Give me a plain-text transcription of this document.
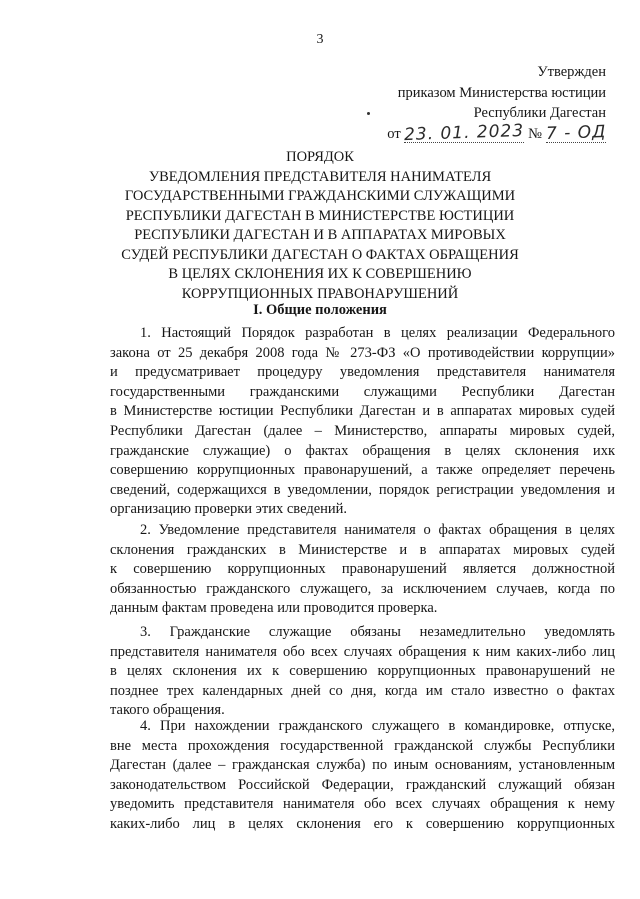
3
Утвержден
приказом Министерства юстиции
Республики Дагестан
от 23. 01. 2023 № 7 - ОД
ПОРЯДОК
УВЕДОМЛЕНИЯ ПРЕДСТАВИТЕЛЯ НАНИМАТЕЛЯ
ГОСУДАРСТВЕННЫМИ ГРАЖДАНСКИМИ СЛУЖАЩИМИ
РЕСПУБЛИКИ ДАГЕСТАН В МИНИСТЕРСТВЕ ЮСТИЦИИ
РЕСПУБЛИКИ ДАГЕСТАН И В АППАРАТАХ МИРОВЫХ
СУДЕЙ РЕСПУБЛИКИ ДАГЕСТАН О ФАКТАХ ОБРАЩЕНИЯ
В ЦЕЛЯХ СКЛОНЕНИЯ ИХ К СОВЕРШЕНИЮ
КОРРУПЦИОННЫХ ПРАВОНАРУШЕНИЙ
I. Общие положения
1. Настоящий Порядок разработан в целях реализации Федерального
закона от 25 декабря 2008 года № 273-ФЗ «О противодействии коррупции»
и предусматривает процедуру уведомления представителя нанимателя
государственными гражданскими служащими Республики Дагестан
в Министерстве юстиции Республики Дагестан и в аппаратах мировых судей
Республики Дагестан (далее – Министерство, аппараты мировых судей,
гражданские служащие) о фактах обращения в целях склонения ихк
совершению коррупционных правонарушений, а также определяет перечень
сведений, содержащихся в уведомлении, порядок регистрации уведомления и
организацию проверки этих сведений.
2. Уведомление представителя нанимателя о фактах обращения в целях
склонения гражданских в Министерстве и в аппаратах мировых судей
к совершению коррупционных правонарушений является должностной
обязанностью гражданского служащего, за исключением случаев, когда по
данным фактам проведена или проводится проверка.
3. Гражданские служащие обязаны незамедлительно уведомлять
представителя нанимателя обо всех случаях обращения к ним каких-либо лиц
в целях склонения их к совершению коррупционных правонарушений не
позднее трех календарных дней со дня, когда им стало известно о фактах
такого обращения.
4. При нахождении гражданского служащего в командировке, отпуске,
вне места прохождения государственной гражданской службы Республики
Дагестан (далее – гражданская служба) по иным основаниям, установленным
законодательством Российской Федерации, гражданский служащий обязан
уведомить представителя нанимателя обо всех случаях обращения к нему
каких-либо лиц в целях склонения его к совершению коррупционных
